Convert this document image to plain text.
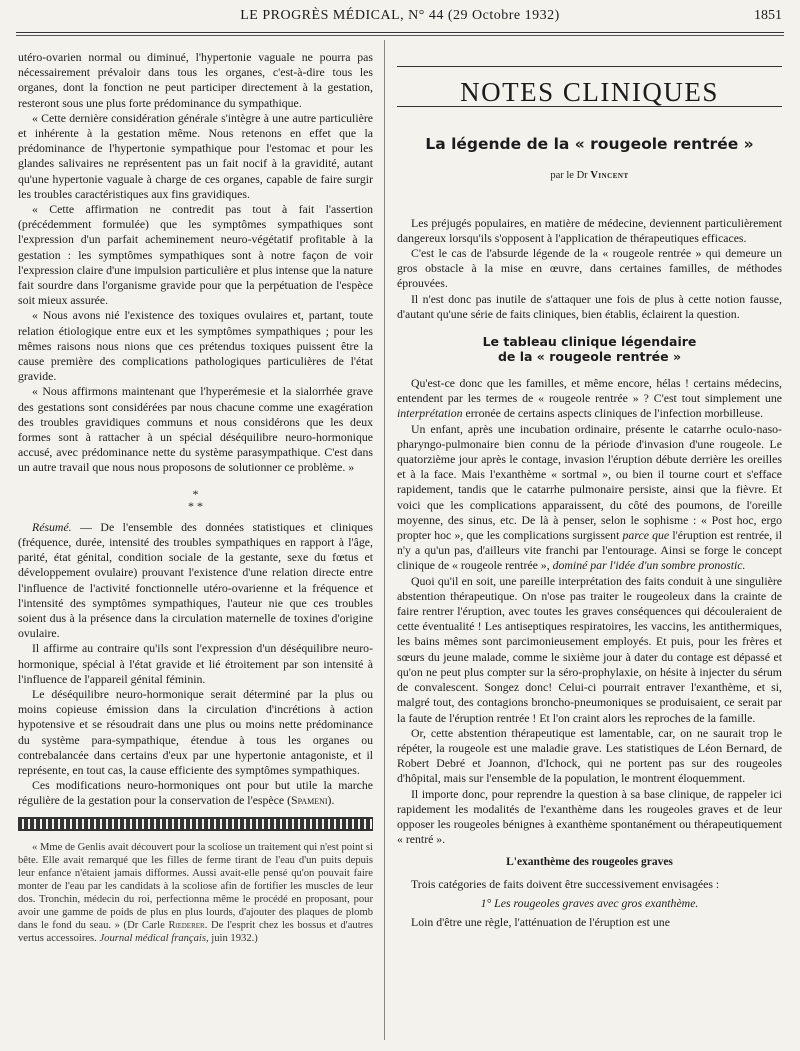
LE PROGRÈS MÉDICAL, N° 44 (29 Octobre 1932)	1851

utéro-ovarien normal ou diminué, l'hypertonie vaguale ne pourra pas nécessairement prévaloir dans tous les organes, c'est-à-dire tous les organes, dont la fonction ne peut participer directement à la gestation, resteront sous une plus forte prédominance du sympathique.

« Cette dernière considération générale s'intègre à une autre particulière et inhérente à la gestation même. Nous retenons en effet que la prédominance de l'hypertonie sympathique pour l'estomac et pour les glandes salivaires ne représentent pas un fait nocif à la gravidité, autant qu'une hypertonie vaguale à charge de ces organes, capable de faire surgir les troubles caractéristiques aux fins gravidiques.

« Cette affirmation ne contredit pas tout à fait l'assertion (précédemment formulée) que les symptômes sympathiques sont l'expression d'un parfait acheminement neuro-végétatif profitable à la gestation : les symptômes sympathiques sont à notre façon de voir l'expression claire d'une impulsion particulière et plus intense que la nature fait sourdre dans l'organisme gravide pour que la perpétuation de l'espèce soit mieux assurée.

« Nous avons nié l'existence des toxiques ovulaires et, partant, toute relation étiologique entre eux et les symptômes sympathiques ; pour les mêmes raisons nous nions que ces prétendus toxiques puissent être la cause première des complications pathologiques particulières de l'état gravide.

« Nous affirmons maintenant que l'hyperémesie et la sialorrhée grave des gestations sont considérées par nous chacune comme une exagération des troubles gravidiques communs et nous considérons que les deux formes sont à rattacher à un spécial déséquilibre neuro-hormonique accusé, avec prédominance nette du système parasympathique. C'est dans un autre travail que nous nous proposons de solutionner ce problème. »

*
* *

Résumé. — De l'ensemble des données statistiques et cliniques (fréquence, durée, intensité des troubles sympathiques en rapport à l'âge, parité, état génital, condition sociale de la gestante, sexe du fœtus et développement ovulaire) prouvant l'existence d'une relation directe entre l'influence de l'activité fonctionnelle utéro-ovarienne et la fréquence et l'intensité des symptômes sympathiques, l'auteur nie que ces troubles soient dus à la présence dans la circulation maternelle de toxines d'origine ovulaire.

Il affirme au contraire qu'ils sont l'expression d'un déséquilibre neuro-hormonique, spécial à l'état gravide et lié étroitement par son intensité à l'influence de l'appareil génital féminin.

Le déséquilibre neuro-hormonique serait déterminé par la plus ou moins copieuse émission dans la circulation d'incrétions à action hypotensive et se résoudrait dans une plus ou moins nette prédominance du système para-sympathique, étendue à tous les organes ou contrebalancée dans certains d'eux par une hypertonie antagoniste, et il représente, en tout cas, la cause efficiente des symptômes sympathiques.

Ces modifications neuro-hormoniques ont pour but utile la marche régulière de la gestation pour la conservation de l'espèce (Spameni).

« Mme de Genlis avait découvert pour la scoliose un traitement qui n'est point si bête. Elle avait remarqué que les filles de ferme tirant de l'eau d'un puits depuis leur enfance n'étaient jamais difformes. Aussi avait-elle pensé qu'on pouvait faire monter de l'eau par les candidats à la scoliose afin de fortifier les muscles de leur dos. Tronchin, médecin du roi, perfectionna même le procédé en proposant, pour avoir une gamme de poids de plus en plus lourds, d'ajouter des plaques de plomb dans le fond du seau. » (Dr Carle Rœderer. De l'esprit chez les bossus et d'autres vertus accessoires. Journal médical français, juin 1932.)

NOTES CLINIQUES
La légende de la « rougeole rentrée »
par le Dr Vincent

Les préjugés populaires, en matière de médecine, deviennent particulièrement dangereux lorsqu'ils s'opposent à l'application de thérapeutiques efficaces.

C'est le cas de l'absurde légende de la « rougeole rentrée » qui demeure un gros obstacle à la mise en œuvre, dans certaines familles, de méthodes éprouvées.

Il n'est donc pas inutile de s'attaquer une fois de plus à cette notion fausse, d'autant qu'une série de faits cliniques, bien établis, éclairent la question.

Le tableau clinique légendaire
de la « rougeole rentrée »

Qu'est-ce donc que les familles, et même encore, hélas ! certains médecins, entendent par les termes de « rougeole rentrée » ? C'est tout simplement une interprétation erronée de certains aspects cliniques de l'infection morbilleuse.

Un enfant, après une incubation ordinaire, présente le catarrhe oculo-naso-pharyngo-pulmonaire bien connu de la période d'invasion d'une rougeole. Le quatorzième jour après le contage, invasion l'éruption débute derrière les oreilles et à la face. Mais l'exanthème « sortmal », ou bien il tourne court et s'efface rapidement, tandis que le catarrhe pulmonaire persiste, ainsi que la fièvre. Et voici que les complications apparaissent, du côté des poumons, de l'oreille moyenne, des sinus, etc. De là à penser, selon le sophisme : « Post hoc, ergo propter hoc », que les complications surgissent parce que l'éruption est rentrée, il n'y a qu'un pas, d'ailleurs vite franchi par l'entourage. Ainsi se forge le concept clinique de « rougeole rentrée », dominé par l'idée d'un sombre pronostic.

Quoi qu'il en soit, une pareille interprétation des faits conduit à une singulière abstention thérapeutique. On n'ose pas traiter le rougeoleux dans la crainte de faire rentrer l'éruption, avec toutes les graves conséquences qui découleraient de cette éventualité ! Les antiseptiques respiratoires, les vaccins, les antithermiques, les bains mêmes sont parcimonieusement employés. Et puis, pour les frères et sœurs du jeune malade, comme le sixième jour à dater du contage est dépassé et qu'on ne peut plus compter sur la séro-prophylaxie, on hésite à injecter du sérum de convalescent. Songez donc! Celui-ci pourrait entraver l'exanthème, et si, malgré tout, des contagions broncho-pneumoniques se produisaient, ce serait par la faute de l'éruption rentrée ! Et l'on craint alors les reproches de la famille.

Or, cette abstention thérapeutique est lamentable, car, on ne saurait trop le répéter, la rougeole est une maladie grave. Les statistiques de Léon Bernard, de Robert Debré et Joannon, d'Ichock, qui ne portent pas sur des rougeoles d'hôpital, mais sur l'ensemble de la population, le montrent éloquemment.

Il importe donc, pour reprendre la question à sa base clinique, de rappeler ici rapidement les modalités de l'exanthème dans les rougeoles graves et de leur opposer les rougeoles bénignes à exanthème spontanément ou thérapeutiquement « rentré ».

L'exanthème des rougeoles graves

Trois catégories de faits doivent être successivement envisagées :

1° Les rougeoles graves avec gros exanthème.

Loin d'être une règle, l'atténuation de l'éruption est une
